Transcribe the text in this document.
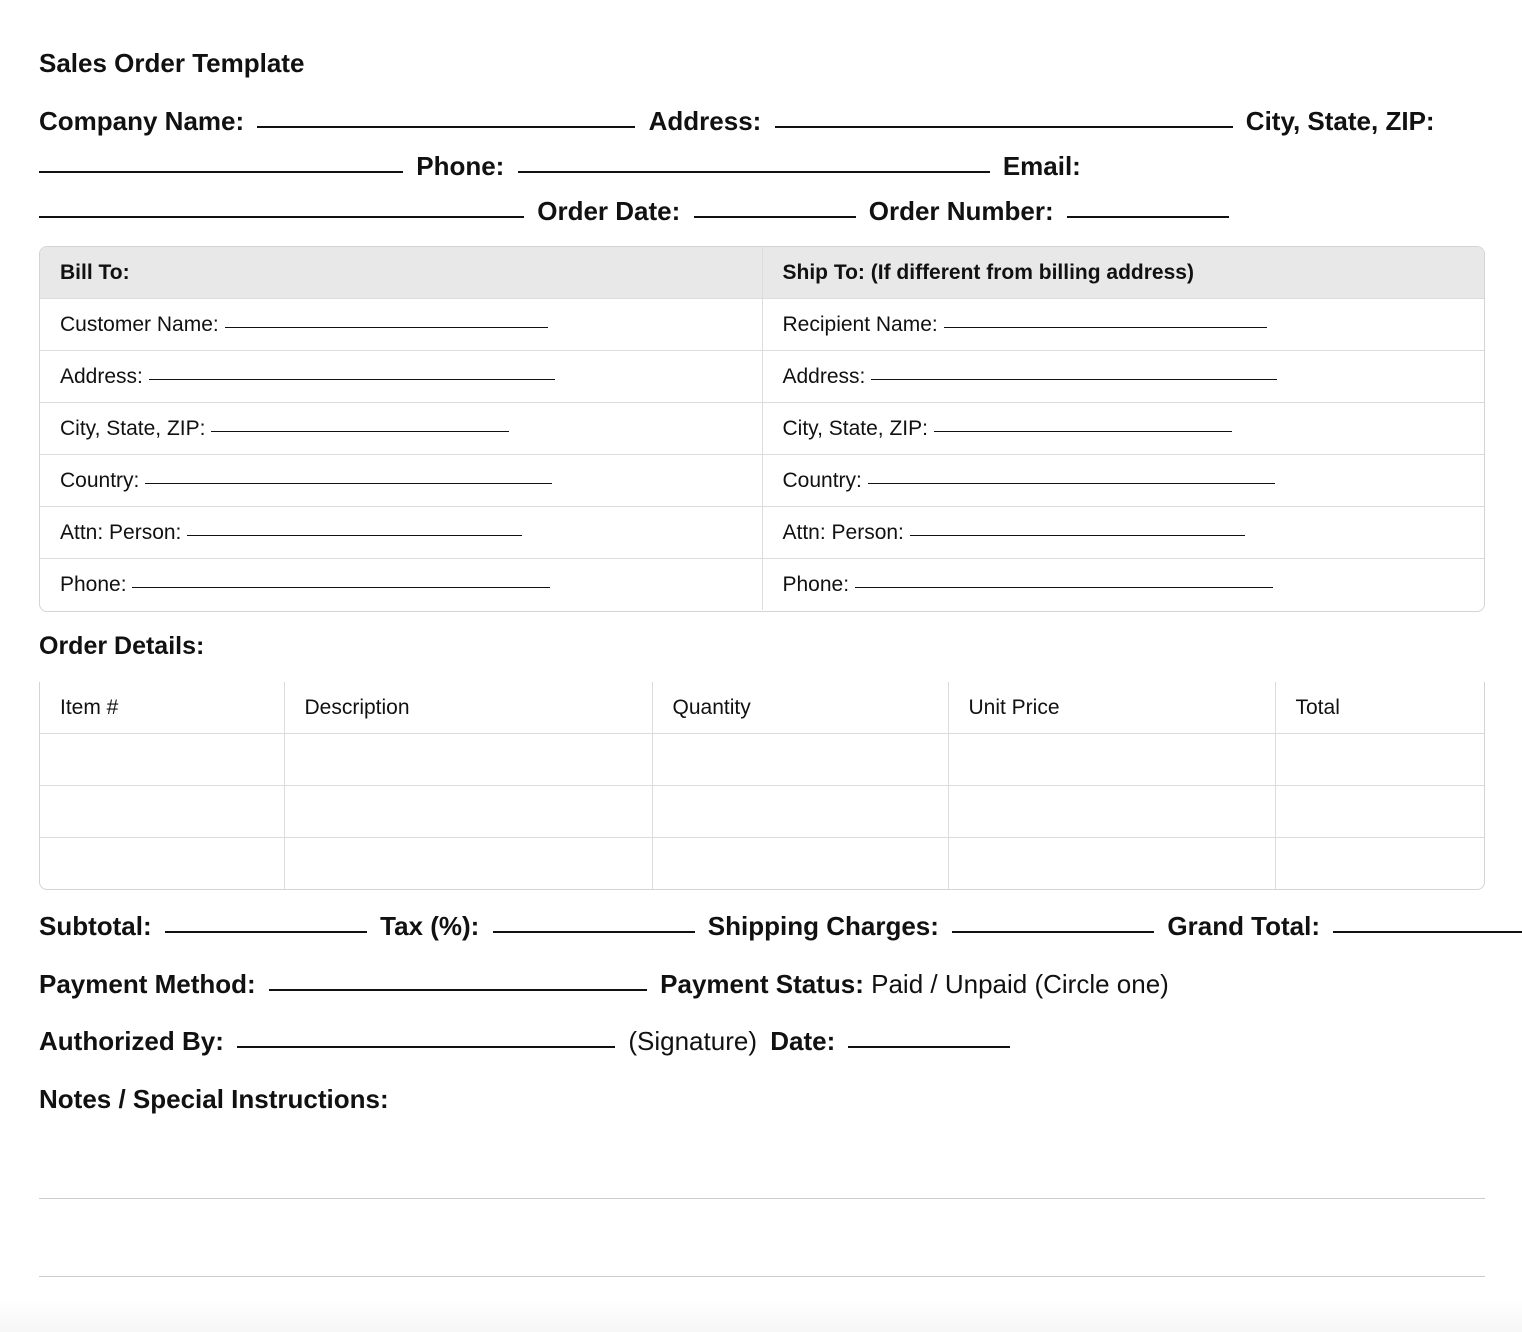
Sales Order Template
Company Name:	Address:	City, State, ZIP:
Phone:	Email:
Order Date:	Order Number:
Bill To:	Ship To: (If different from billing address)
Customer Name:	Recipient Name:
Address:	Address:
City, State, ZIP:	City, State, ZIP:
Country:	Country:
Attn: Person:	Attn: Person:
Phone:	Phone:
Order Details:
Item #	Description	Quantity	Unit Price	Total

Subtotal:	Tax (%):	Shipping Charges:	Grand Total:
Payment Method:	Payment Status: Paid / Unpaid (Circle one)
Authorized By:	(Signature) Date:
Notes / Special Instructions:
